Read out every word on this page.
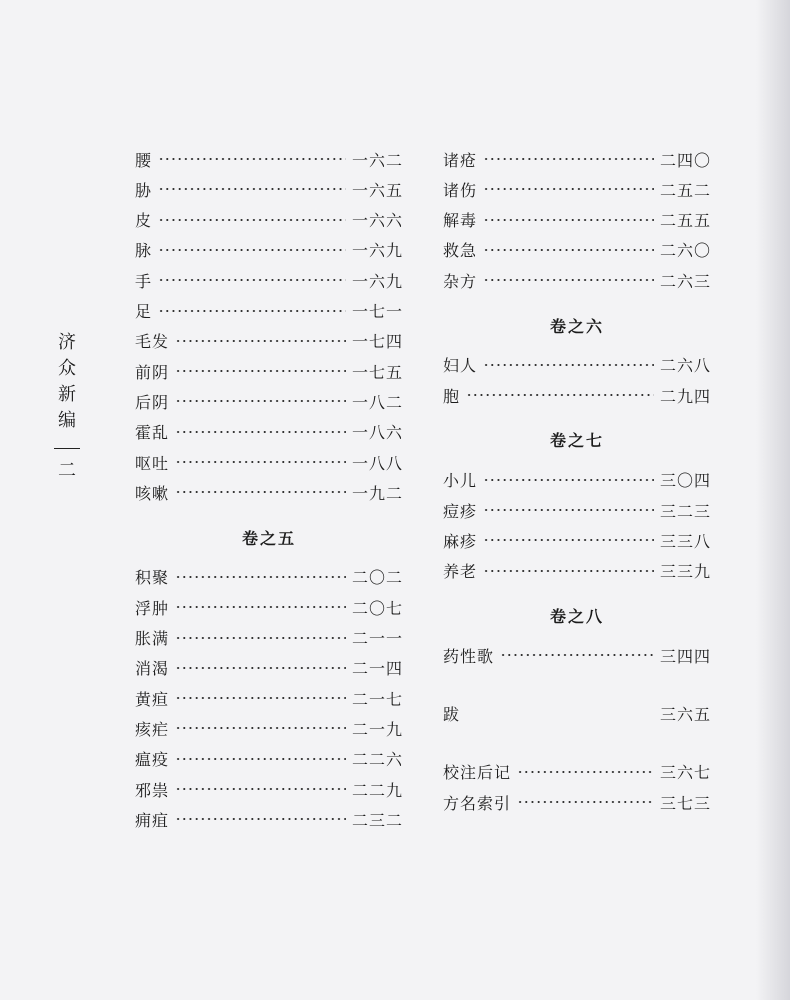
济
众
新
编
二
腰	一六二
胁	一六五
皮	一六六
脉	一六九
手	一六九
足	一七一
毛发	一七四
前阴	一七五
后阴	一八二
霍乱	一八六
呕吐	一八八
咳嗽	一九二
卷之五
积聚	二〇二
浮肿	二〇七
胀满	二一一
消渴	二一四
黄疸	二一七
痎疟	二一九
瘟疫	二二六
邪祟	二二九
痈疽	二三二
诸疮	二四〇
诸伤	二五二
解毒	二五五
救急	二六〇
杂方	二六三
卷之六
妇人	二六八
胞	二九四
卷之七
小儿	三〇四
痘疹	三二三
麻疹	三三八
养老	三三九
卷之八
药性歌	三四四
跋	三六五
校注后记	三六七
方名索引	三七三
